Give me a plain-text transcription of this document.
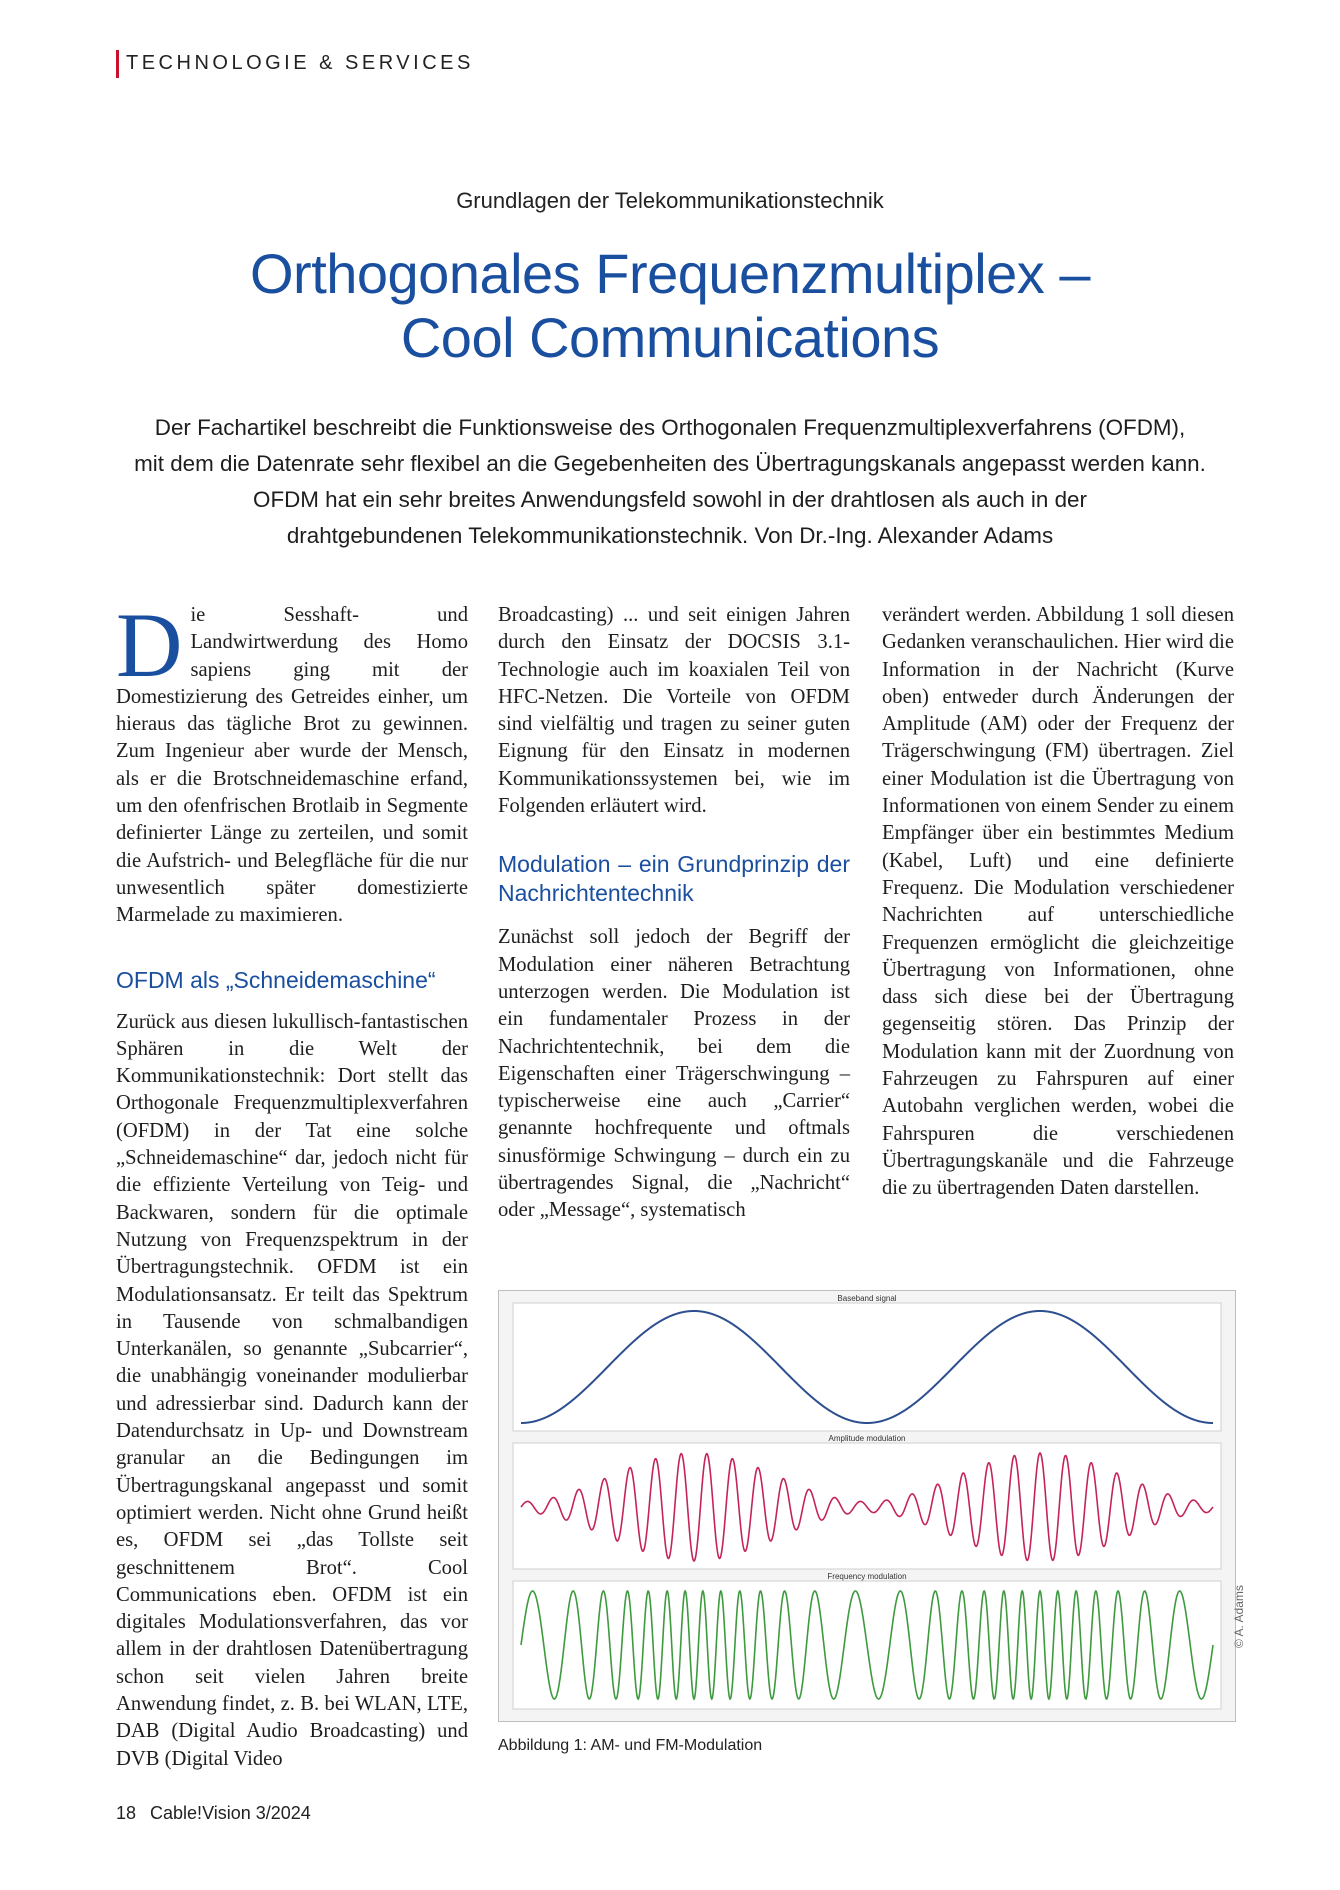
TECHNOLOGIE & SERVICES
Grundlagen der Telekommunikationstechnik
Orthogonales Frequenzmultiplex –
Cool Communications
Der Fachartikel beschreibt die Funktionsweise des Orthogonalen Frequenzmultiplexverfahrens (OFDM),
mit dem die Datenrate sehr flexibel an die Gegebenheiten des Übertragungskanals angepasst werden kann.
OFDM hat ein sehr breites Anwendungsfeld sowohl in der drahtlosen als auch in der
drahtgebundenen Telekommunikationstechnik. Von Dr.-Ing. Alexander Adams

Die Sesshaft- und Landwirtwerdung des Homo sapiens ging mit der Domestizierung des Getreides einher, um hieraus das tägliche Brot zu gewinnen. Zum Ingenieur aber wurde der Mensch, als er die Brotschneidemaschine erfand, um den ofenfrischen Brotlaib in Segmente definierter Länge zu zerteilen, und somit die Aufstrich- und Belegfläche für die nur unwesentlich später domestizierte Marmelade zu maximieren.

OFDM als „Schneidemaschine“

Zurück aus diesen lukullisch-fantastischen Sphären in die Welt der Kommunikationstechnik: Dort stellt das Orthogonale Frequenzmultiplexverfahren (OFDM) in der Tat eine solche „Schneidemaschine“ dar, jedoch nicht für die effiziente Verteilung von Teig- und Backwaren, sondern für die optimale Nutzung von Frequenzspektrum in der Übertragungstechnik. OFDM ist ein Modulationsansatz. Er teilt das Spektrum in Tausende von schmalbandigen Unterkanälen, so genannte „Subcarrier“, die unabhängig voneinander modulierbar und adressierbar sind. Dadurch kann der Datendurchsatz in Up- und Downstream granular an die Bedingungen im Übertragungskanal angepasst und somit optimiert werden. Nicht ohne Grund heißt es, OFDM sei „das Tollste seit geschnittenem Brot“. Cool Communications eben. OFDM ist ein digitales Modulationsverfahren, das vor allem in der drahtlosen Datenübertragung schon seit vielen Jahren breite Anwendung findet, z. B. bei WLAN, LTE, DAB (Digital Audio Broadcasting) und DVB (Digital Video

Broadcasting) ... und seit einigen Jahren durch den Einsatz der DOCSIS 3.1-Technologie auch im koaxialen Teil von HFC-Netzen. Die Vorteile von OFDM sind vielfältig und tragen zu seiner guten Eignung für den Einsatz in modernen Kommunikationssystemen bei, wie im Folgenden erläutert wird.

Modulation – ein Grundprinzip der Nachrichtentechnik

Zunächst soll jedoch der Begriff der Modulation einer näheren Betrachtung unterzogen werden. Die Modulation ist ein fundamentaler Prozess in der Nachrichtentechnik, bei dem die Eigenschaften einer Trägerschwingung – typischerweise eine auch „Carrier“ genannte hochfrequente und oftmals sinusförmige Schwingung – durch ein zu übertragendes Signal, die „Nachricht“ oder „Message“, systematisch

verändert werden. Abbildung 1 soll diesen Gedanken veranschaulichen. Hier wird die Information in der Nachricht (Kurve oben) entweder durch Änderungen der Amplitude (AM) oder der Frequenz der Trägerschwingung (FM) übertragen. Ziel einer Modulation ist die Übertragung von Informationen von einem Sender zu einem Empfänger über ein bestimmtes Medium (Kabel, Luft) und eine definierte Frequenz. Die Modulation verschiedener Nachrichten auf unterschiedliche Frequenzen ermöglicht die gleichzeitige Übertragung von Informationen, ohne dass sich diese bei der Übertragung gegenseitig stören. Das Prinzip der Modulation kann mit der Zuordnung von Fahrzeugen zu Fahrspuren auf einer Autobahn verglichen werden, wobei die Fahrspuren die verschiedenen Übertragungskanäle und die Fahrzeuge die zu übertragenden Daten darstellen.

Baseband signal
Amplitude modulation
Frequency modulation
Abbildung 1: AM- und FM-Modulation
© A. Adams
18 Cable!Vision 3/2024
